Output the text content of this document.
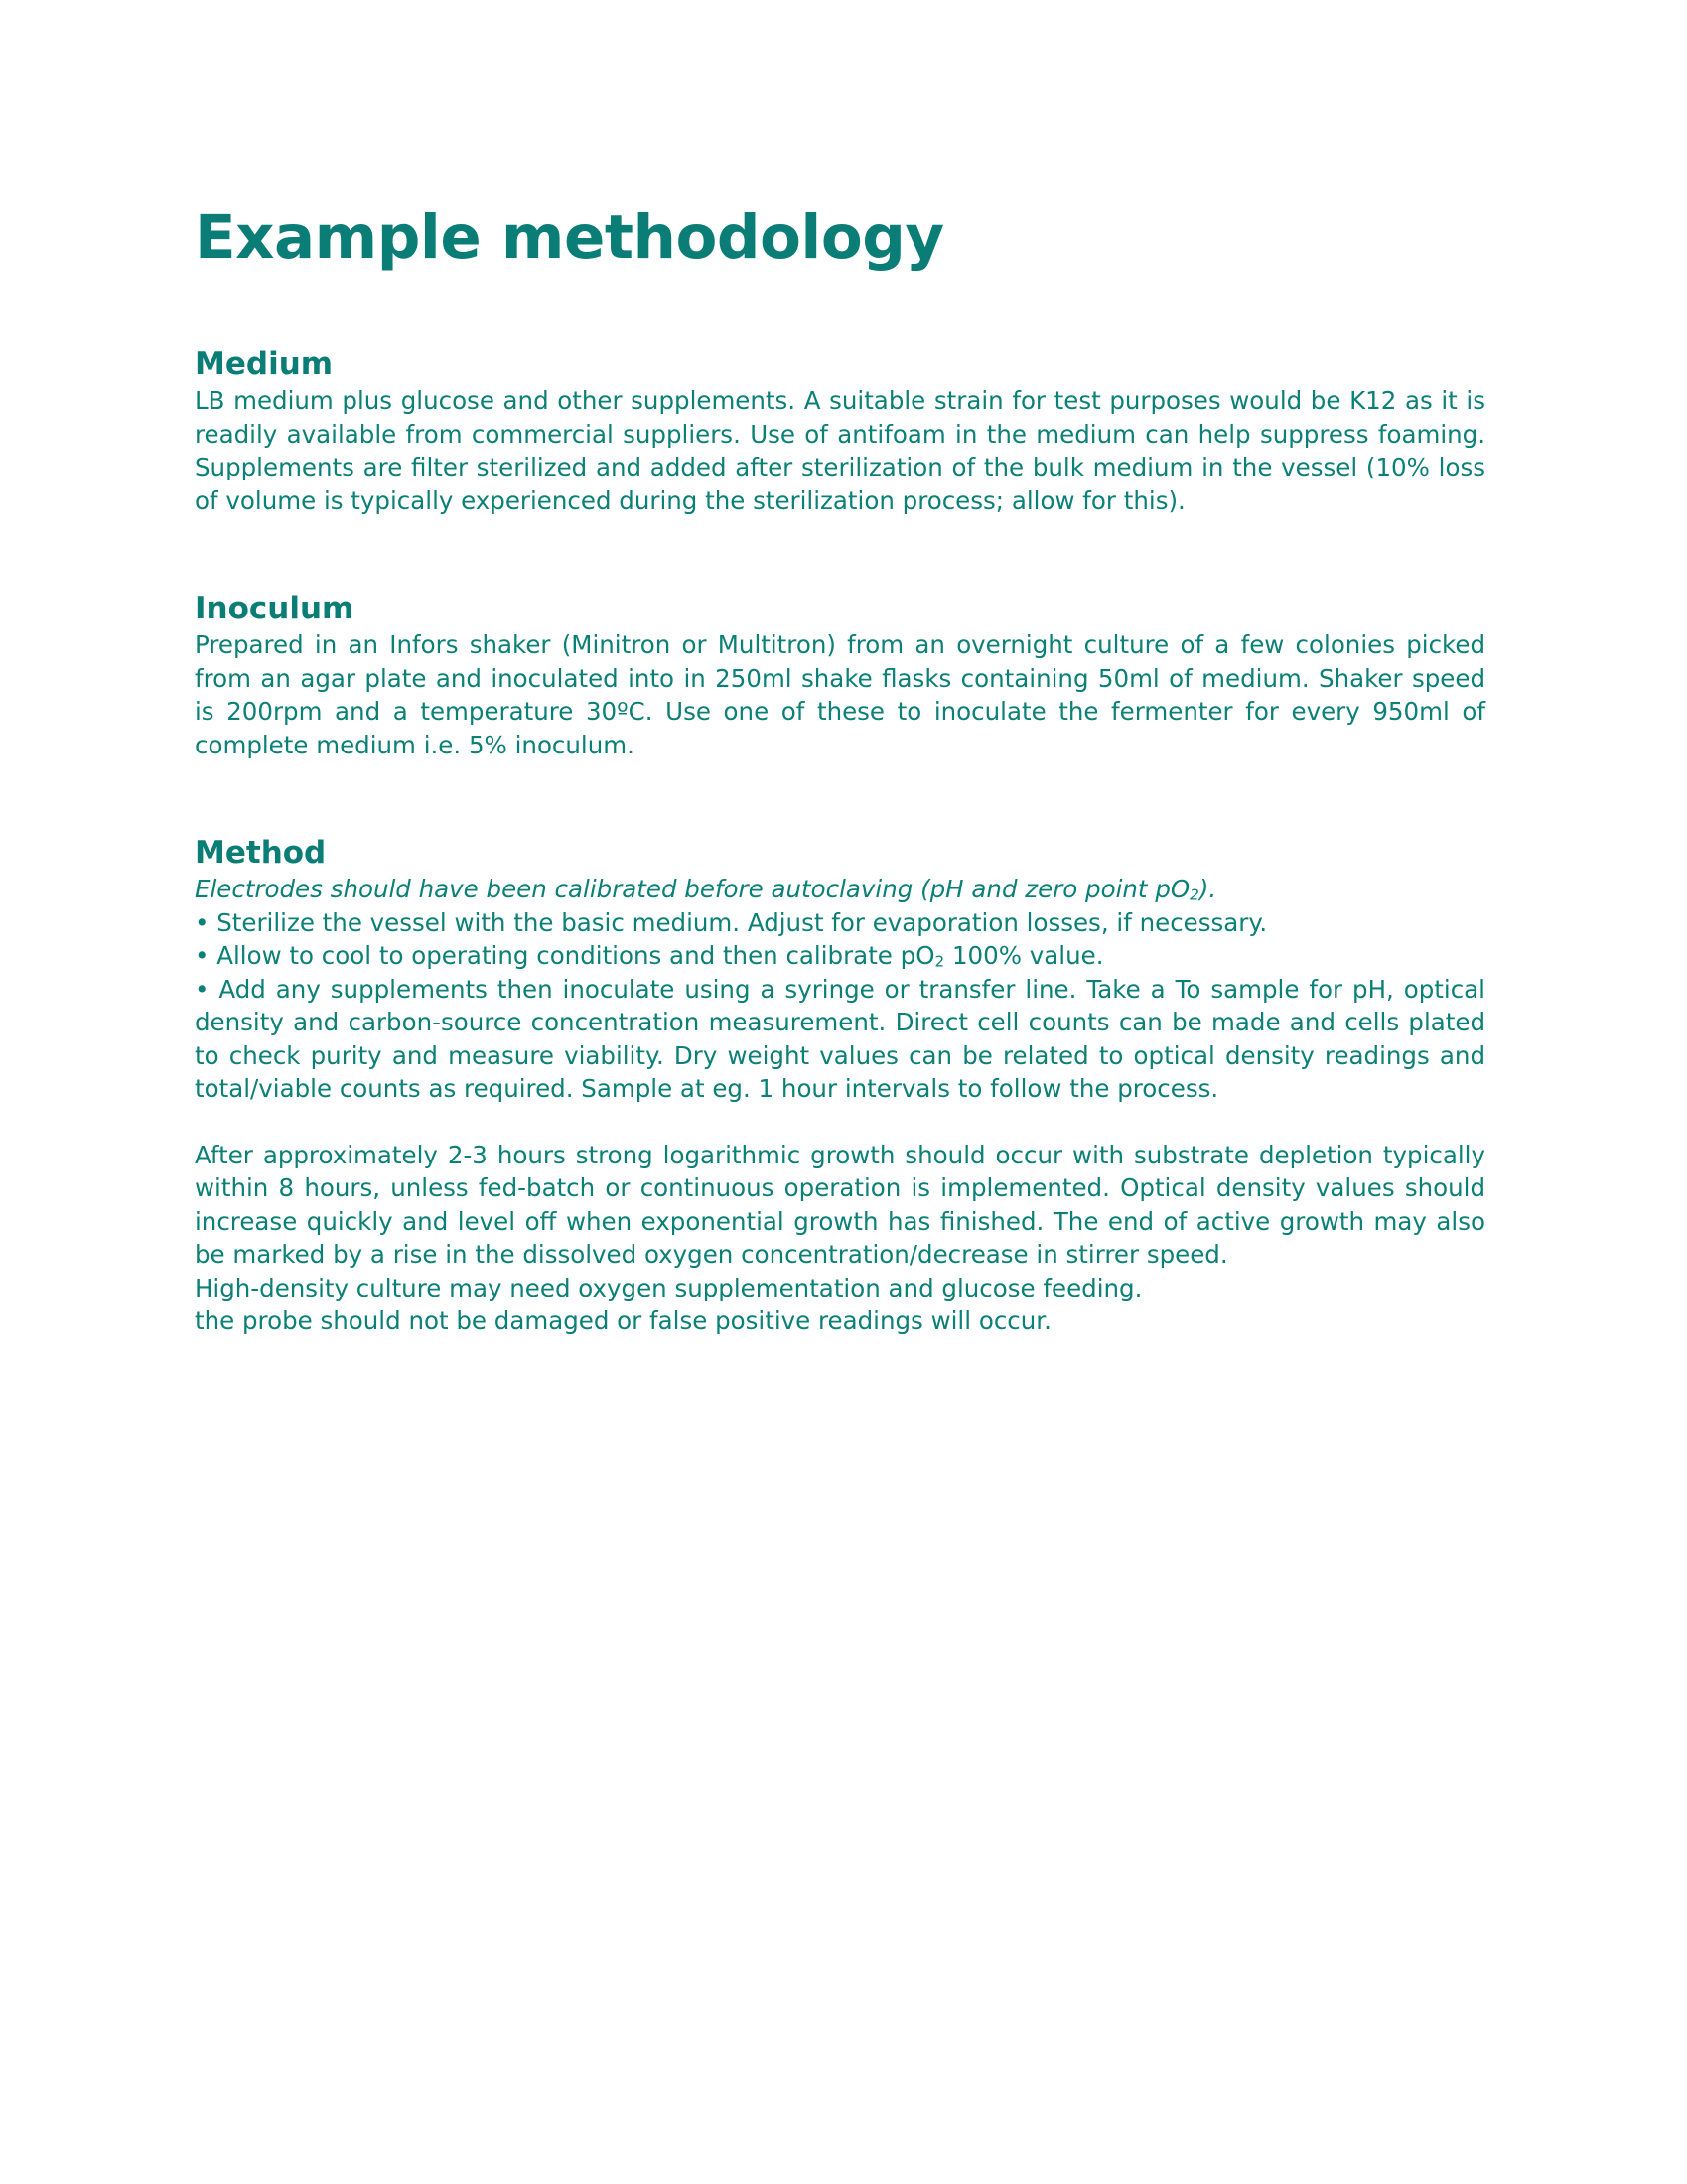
Example methodology
Medium

LB medium plus glucose and other supplements. A suitable strain for test purposes would be K12 as it is readily available from commercial suppliers. Use of antifoam in the medium can help suppress foaming. Supplements are filter sterilized and added after sterilization of the bulk medium in the vessel (10% loss of volume is typically experienced during the sterilization process; allow for this).

Inoculum

Prepared in an Infors shaker (Minitron or Multitron) from an overnight culture of a few colonies picked from an agar plate and inoculated into in 250ml shake flasks containing 50ml of medium. Shaker speed is 200rpm and a temperature 30ºC. Use one of these to inoculate the fermenter for every 950ml of complete medium i.e. 5% inoculum.

Method

Electrodes should have been calibrated before autoclaving (pH and zero point $pO_2$).

• Sterilize the vessel with the basic medium. Adjust for evaporation losses, if necessary.

• Allow to cool to operating conditions and then calibrate $pO_2$ 100% value.

• Add any supplements then inoculate using a syringe or transfer line. Take a To sample for pH, optical density and carbon-source concentration measurement. Direct cell counts can be made and cells plated to check purity and measure viability. Dry weight values can be related to optical density readings and total/viable counts as required. Sample at eg. 1 hour intervals to follow the process.

After approximately 2-3 hours strong logarithmic growth should occur with substrate depletion typically within 8 hours, unless fed-batch or continuous operation is implemented. Optical density values should increase quickly and level off when exponential growth has finished. The end of active growth may also be marked by a rise in the dissolved oxygen concentration/decrease in stirrer speed.

High-density culture may need oxygen supplementation and glucose feeding.

the probe should not be damaged or false positive readings will occur.
